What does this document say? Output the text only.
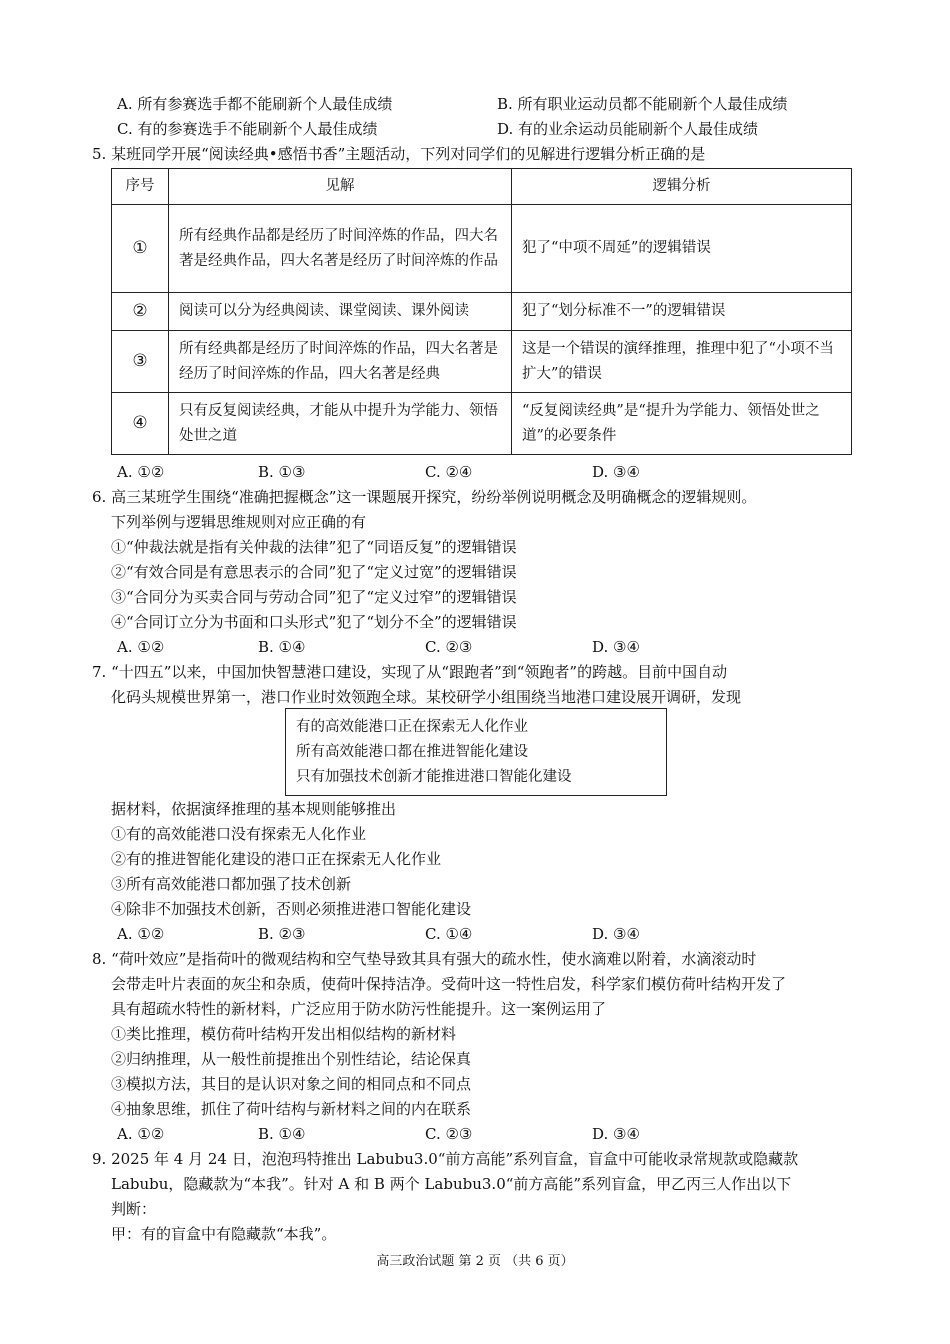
A. 所有参赛选手都不能刷新个人最佳成绩	B. 所有职业运动员都不能刷新个人最佳成绩
C. 有的参赛选手不能刷新个人最佳成绩	D. 有的业余运动员能刷新个人最佳成绩
5. 某班同学开展“阅读经典•感悟书香”主题活动，下列对同学们的见解进行逻辑分析正确的是
序号	见解	逻辑分析
①	所有经典作品都是经历了时间淬炼的作品，四大名著是经典作品，四大名著是经历了时间淬炼的作品	犯了“中项不周延”的逻辑错误
②	阅读可以分为经典阅读、课堂阅读、课外阅读	犯了“划分标准不一”的逻辑错误
③	所有经典都是经历了时间淬炼的作品，四大名著是经历了时间淬炼的作品，四大名著是经典	这是一个错误的演绎推理，推理中犯了“小项不当扩大”的错误
④	只有反复阅读经典，才能从中提升为学能力、领悟处世之道	“反复阅读经典”是“提升为学能力、领悟处世之道”的必要条件
A. ①②	B. ①③	C. ②④	D. ③④
6. 高三某班学生围绕“准确把握概念”这一课题展开探究，纷纷举例说明概念及明确概念的逻辑规则。
下列举例与逻辑思维规则对应正确的有
①“仲裁法就是指有关仲裁的法律”犯了“同语反复”的逻辑错误
②“有效合同是有意思表示的合同”犯了“定义过宽”的逻辑错误
③“合同分为买卖合同与劳动合同”犯了“定义过窄”的逻辑错误
④“合同订立分为书面和口头形式”犯了“划分不全”的逻辑错误
A. ①②	B. ①④	C. ②③	D. ③④
7. “十四五”以来，中国加快智慧港口建设，实现了从“跟跑者”到“领跑者”的跨越。目前中国自动
化码头规模世界第一，港口作业时效领跑全球。某校研学小组围绕当地港口建设展开调研，发现
有的高效能港口正在探索无人化作业
所有高效能港口都在推进智能化建设
只有加强技术创新才能推进港口智能化建设
据材料，依据演绎推理的基本规则能够推出
①有的高效能港口没有探索无人化作业
②有的推进智能化建设的港口正在探索无人化作业
③所有高效能港口都加强了技术创新
④除非不加强技术创新，否则必须推进港口智能化建设
A. ①②	B. ②③	C. ①④	D. ③④
8. “荷叶效应”是指荷叶的微观结构和空气垫导致其具有强大的疏水性，使水滴难以附着，水滴滚动时
会带走叶片表面的灰尘和杂质，使荷叶保持洁净。受荷叶这一特性启发，科学家们模仿荷叶结构开发了
具有超疏水特性的新材料，广泛应用于防水防污性能提升。这一案例运用了
①类比推理，模仿荷叶结构开发出相似结构的新材料
②归纳推理，从一般性前提推出个别性结论，结论保真
③模拟方法，其目的是认识对象之间的相同点和不同点
④抽象思维，抓住了荷叶结构与新材料之间的内在联系
A. ①②	B. ①④	C. ②③	D. ③④
9. 2025 年 4 月 24 日，泡泡玛特推出 Labubu3.0“前方高能”系列盲盒，盲盒中可能收录常规款或隐藏款
Labubu，隐藏款为“本我”。针对 A 和 B 两个 Labubu3.0“前方高能”系列盲盒，甲乙丙三人作出以下
判断：
甲：有的盲盒中有隐藏款“本我”。
高三政治试题 第 2 页 （共 6 页）
